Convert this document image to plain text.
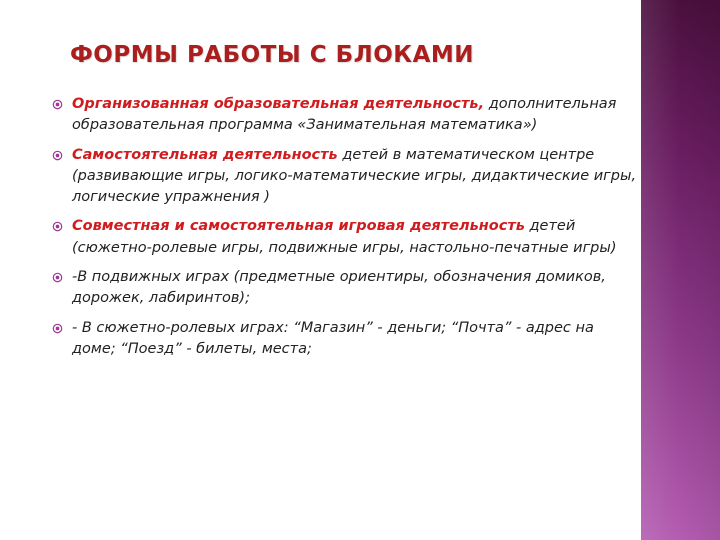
ФОРМЫ РАБОТЫ С БЛОКАМИ
Организованная образовательная деятельность, дополнительная образовательная программа «Занимательная математика»)
Самостоятельная деятельность детей в математическом центре (развивающие игры, логико-математические игры, дидактические игры, логические упражнения )
Совместная и самостоятельная игровая деятельность детей (сюжетно-ролевые игры, подвижные игры, настольно-печатные игры)
-В подвижных играх (предметные ориентиры, обозначения домиков, дорожек, лабиринтов);
- В сюжетно-ролевых играх: “Магазин” - деньги; “Почта” - адрес на доме; “Поезд” - билеты, места;
